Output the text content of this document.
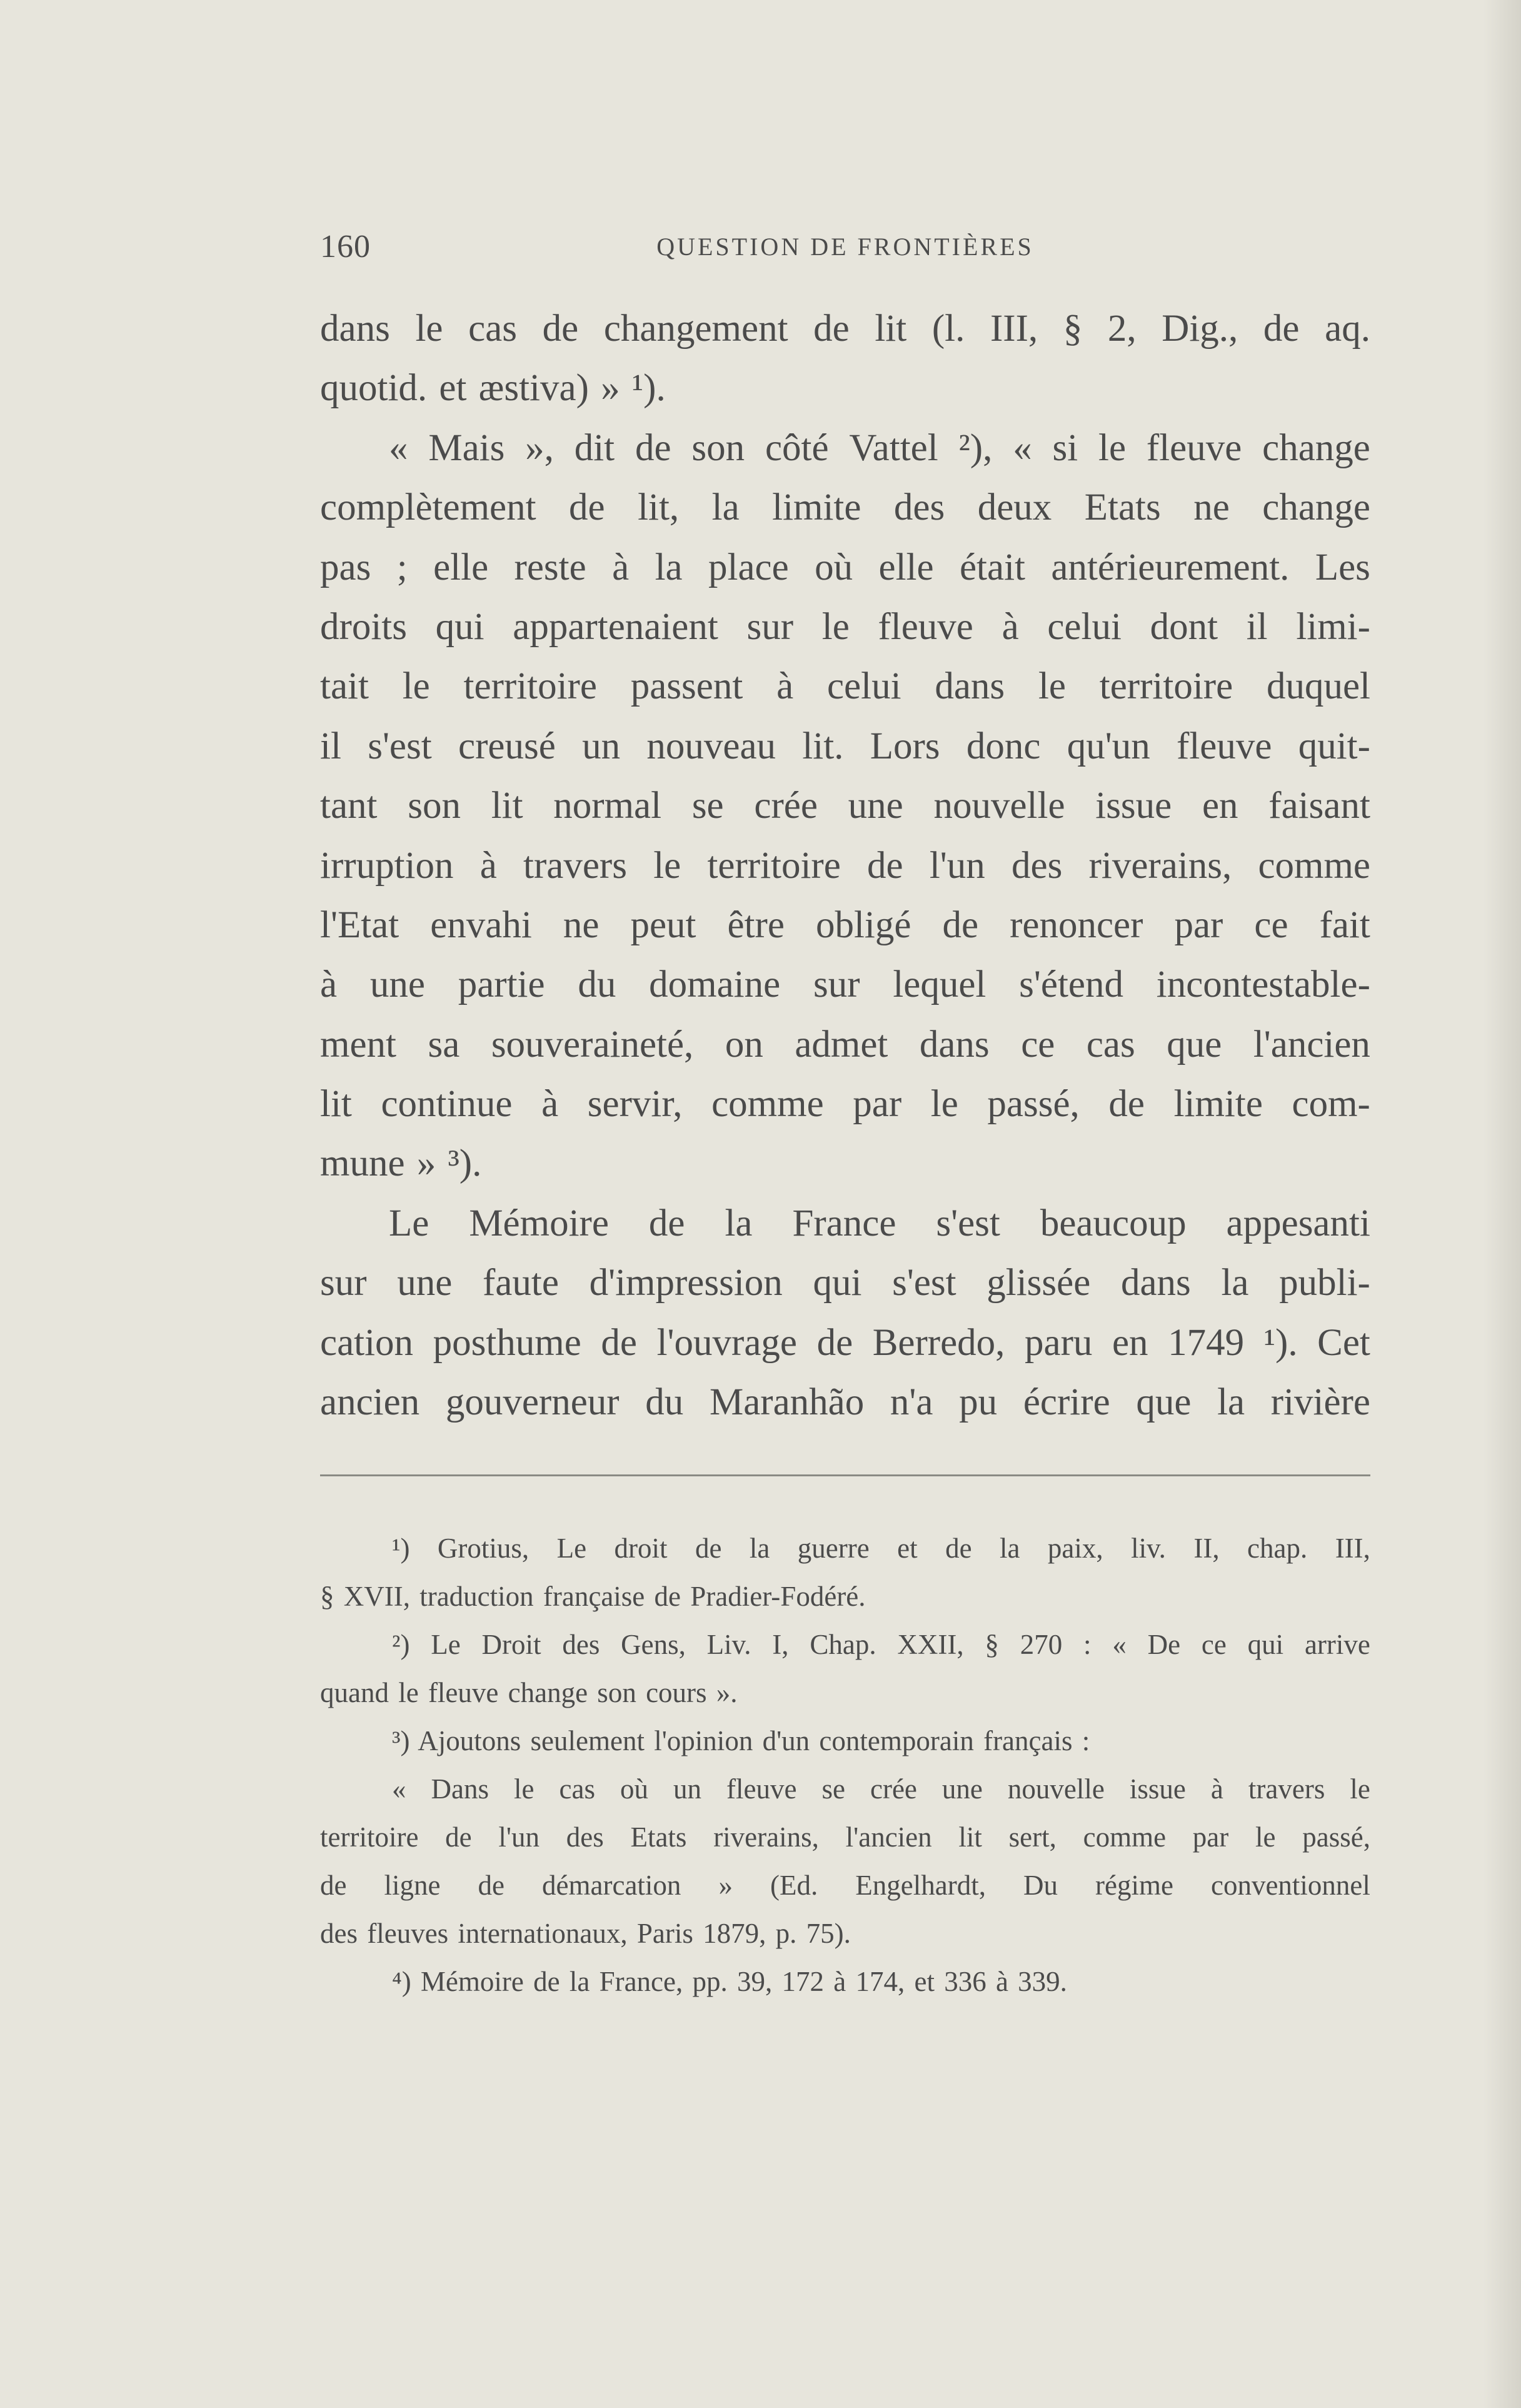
160	QUESTION DE FRONTIÈRES
dans le cas de changement de lit (l. III, § 2, Dig., de aq.
quotid. et æstiva) » ¹).
« Mais », dit de son côté Vattel ²), « si le fleuve change
complètement de lit, la limite des deux Etats ne change
pas ; elle reste à la place où elle était antérieurement. Les
droits qui appartenaient sur le fleuve à celui dont il limi-
tait le territoire passent à celui dans le territoire duquel
il s'est creusé un nouveau lit. Lors donc qu'un fleuve quit-
tant son lit normal se crée une nouvelle issue en faisant
irruption à travers le territoire de l'un des riverains, comme
l'Etat envahi ne peut être obligé de renoncer par ce fait
à une partie du domaine sur lequel s'étend incontestable-
ment sa souveraineté, on admet dans ce cas que l'ancien
lit continue à servir, comme par le passé, de limite com-
mune » ³).
Le Mémoire de la France s'est beaucoup appesanti
sur une faute d'impression qui s'est glissée dans la publi-
cation posthume de l'ouvrage de Berredo, paru en 1749 ¹). Cet
ancien gouverneur du Maranhão n'a pu écrire que la rivière
¹) Grotius, Le droit de la guerre et de la paix, liv. II, chap. III,
§ XVII, traduction française de Pradier-Fodéré.
²) Le Droit des Gens, Liv. I, Chap. XXII, § 270 : « De ce qui arrive
quand le fleuve change son cours ».
³) Ajoutons seulement l'opinion d'un contemporain français :
« Dans le cas où un fleuve se crée une nouvelle issue à travers le
territoire de l'un des Etats riverains, l'ancien lit sert, comme par le passé,
de ligne de démarcation » (Ed. Engelhardt, Du régime conventionnel
des fleuves internationaux, Paris 1879, p. 75).
⁴) Mémoire de la France, pp. 39, 172 à 174, et 336 à 339.
